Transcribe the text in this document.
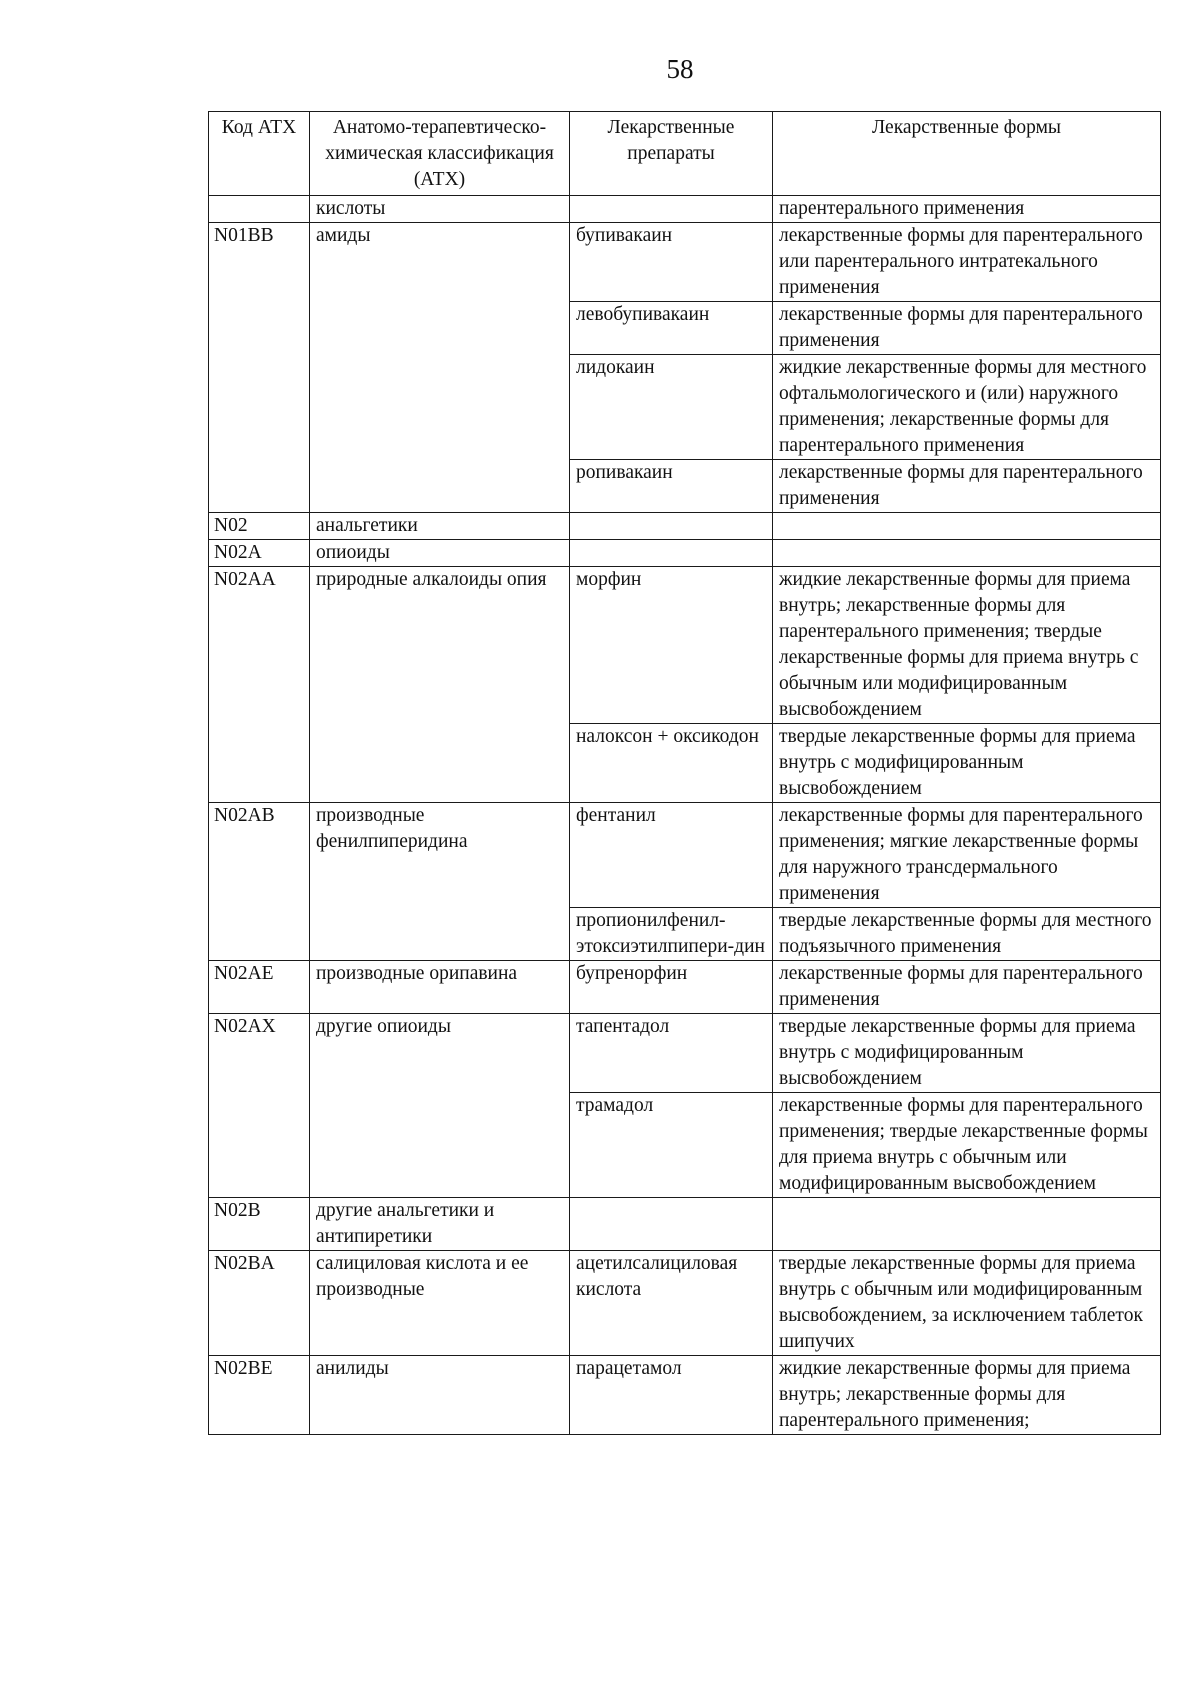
58
Код АТХ	Анатомо-терапевтическо-химическая классификация (АТХ)	Лекарственные препараты	Лекарственные формы
	кислоты		парентерального применения
N01BB	амиды	бупивакаин	лекарственные формы для парентерального или парентерального интратекального применения
		левобупивакаин	лекарственные формы для парентерального применения
		лидокаин	жидкие лекарственные формы для местного офтальмологического и (или) наружного применения; лекарственные формы для парентерального применения
		ропивакаин	лекарственные формы для парентерального применения
N02	анальгетики		
N02A	опиоиды		
N02AA	природные алкалоиды опия	морфин	жидкие лекарственные формы для приема внутрь; лекарственные формы для парентерального применения; твердые лекарственные формы для приема внутрь с обычным или модифицированным высвобождением
		налоксон + оксикодон	твердые лекарственные формы для приема внутрь с модифицированным высвобождением
N02AB	производные фенилпиперидина	фентанил	лекарственные формы для парентерального применения; мягкие лекарственные формы для наружного трансдермального применения
		пропионилфенил-этоксиэтилпипери-дин	твердые лекарственные формы для местного подъязычного применения
N02AE	производные орипавина	бупренорфин	лекарственные формы для парентерального применения
N02AX	другие опиоиды	тапентадол	твердые лекарственные формы для приема внутрь с модифицированным высвобождением
		трамадол	лекарственные формы для парентерального применения; твердые лекарственные формы для приема внутрь с обычным или модифицированным высвобождением
N02B	другие анальгетики и антипиретики		
N02BA	салициловая кислота и ее производные	ацетилсалициловая кислота	твердые лекарственные формы для приема внутрь с обычным или модифицированным высвобождением, за исключением таблеток шипучих
N02BE	анилиды	парацетамол	жидкие лекарственные формы для приема внутрь; лекарственные формы для парентерального применения;
